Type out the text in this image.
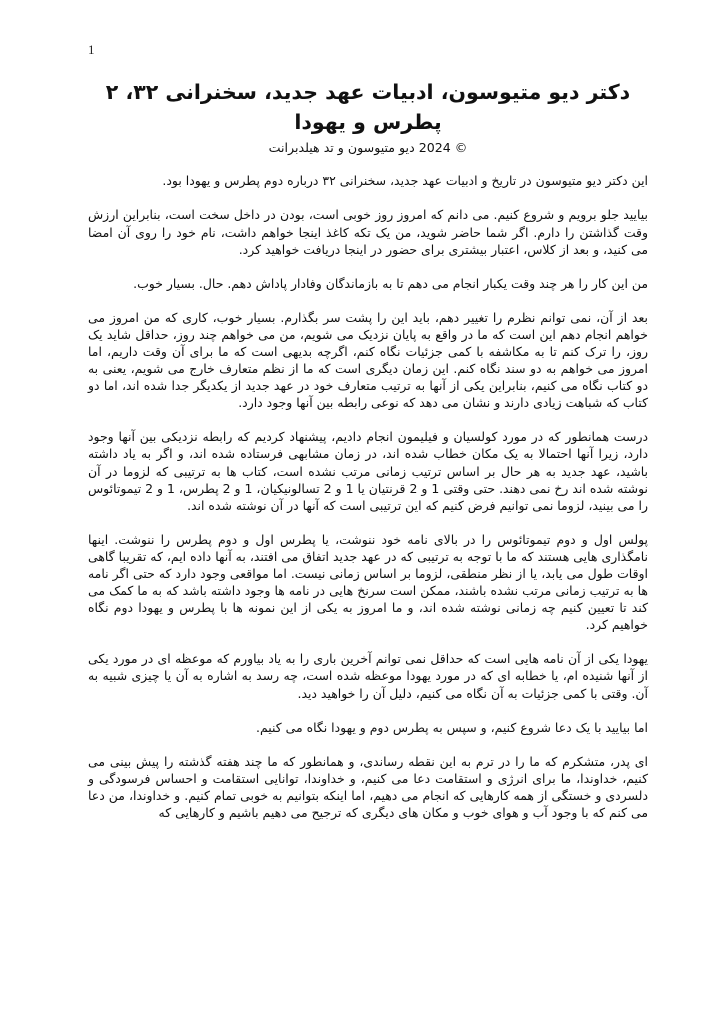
1
دکتر دیو متیوسون، ادبیات عهد جدید، سخنرانی ۳۲، ۲ پطرس و یهودا

© 2024 دیو متیوسون و تد هیلدبرانت

این دکتر دیو متیوسون در تاریخ و ادبیات عهد جدید، سخنرانی ۳۲ درباره دوم پطرس و یهودا بود.

بیایید جلو برویم و شروع کنیم. می دانم که امروز روز خوبی است، بودن در داخل سخت است، بنابراین ارزش وقت گذاشتن را دارم. اگر شما حاضر شوید، من یک تکه کاغذ اینجا خواهم داشت، نام خود را روی آن امضا می کنید، و بعد از کلاس، اعتبار بیشتری برای حضور در اینجا دریافت خواهید کرد.

من این کار را هر چند وقت یکبار انجام می دهم تا به بازماندگان وفادار پاداش دهم. حال. بسیار خوب.

بعد از آن، نمی توانم نظرم را تغییر دهم، باید این را پشت سر بگذارم. بسیار خوب، کاری که من امروز می خواهم انجام دهم این است که ما در واقع به پایان نزدیک می شویم، من می خواهم چند روز، حداقل شاید یک روز، را ترک کنم تا به مکاشفه با کمی جزئیات نگاه کنم، اگرچه بدیهی است که ما برای آن وقت داریم، اما امروز می خواهم به دو سند نگاه کنم. این زمان دیگری است که ما از نظم متعارف خارج می شویم، یعنی به دو کتاب نگاه می کنیم، بنابراین یکی از آنها به ترتیب متعارف خود در عهد جدید از یکدیگر جدا شده اند، اما دو کتاب که شباهت زیادی دارند و نشان می دهد که نوعی رابطه بین آنها وجود دارد.

درست همانطور که در مورد کولسیان و فیلیمون انجام دادیم، پیشنهاد کردیم که رابطه نزدیکی بین آنها وجود دارد، زیرا آنها احتمالا به یک مکان خطاب شده اند، در زمان مشابهی فرستاده شده اند، و اگر به یاد داشته باشید، عهد جدید به هر حال بر اساس ترتیب زمانی مرتب نشده است، کتاب ها به ترتیبی که لزوما در آن نوشته شده اند رخ نمی دهند. حتی وقتی 1 و 2 قرنتیان یا 1 و 2 تسالونیکیان، 1 و 2 پطرس، 1 و 2 تیموتائوس را می بینید، لزوما نمی توانیم فرض کنیم که این ترتیبی است که آنها در آن نوشته شده اند.

پولس اول و دوم تیموتائوس را در بالای نامه خود ننوشت، یا پطرس اول و دوم پطرس را ننوشت. اینها نامگذاری هایی هستند که ما با توجه به ترتیبی که در عهد جدید اتفاق می افتند، به آنها داده ایم، که تقریبا گاهی اوقات طول می یابد، یا از نظر منطقی، لزوما بر اساس زمانی نیست. اما مواقعی وجود دارد که حتی اگر نامه ها به ترتیب زمانی مرتب نشده باشند، ممکن است سرنخ هایی در نامه ها وجود داشته باشد که به ما کمک می کند تا تعیین کنیم چه زمانی نوشته شده اند، و ما امروز به یکی از این نمونه ها با پطرس و یهودا دوم نگاه خواهیم کرد.

یهودا یکی از آن نامه هایی است که حداقل نمی توانم آخرین باری را به یاد بیاورم که موعظه ای در مورد یکی از آنها شنیده ام، یا خطابه ای که در مورد یهودا موعظه شده است، چه رسد به اشاره به آن یا چیزی شبیه به آن. وقتی با کمی جزئیات به آن نگاه می کنیم، دلیل آن را خواهید دید.

اما بیایید با یک دعا شروع کنیم، و سپس به پطرس دوم و یهودا نگاه می کنیم.

ای پدر، متشکرم که ما را در ترم به این نقطه رساندی، و همانطور که ما چند هفته گذشته را پیش بینی می کنیم، خداوندا، ما برای انرژی و استقامت دعا می کنیم، و خداوندا، توانایی استقامت و احساس فرسودگی و دلسردی و خستگی از همه کارهایی که انجام می دهیم، اما اینکه بتوانیم به خوبی تمام کنیم. و خداوندا، من دعا می کنم که با وجود آب و هوای خوب و مکان های دیگری که ترجیح می دهیم باشیم و کارهایی که
